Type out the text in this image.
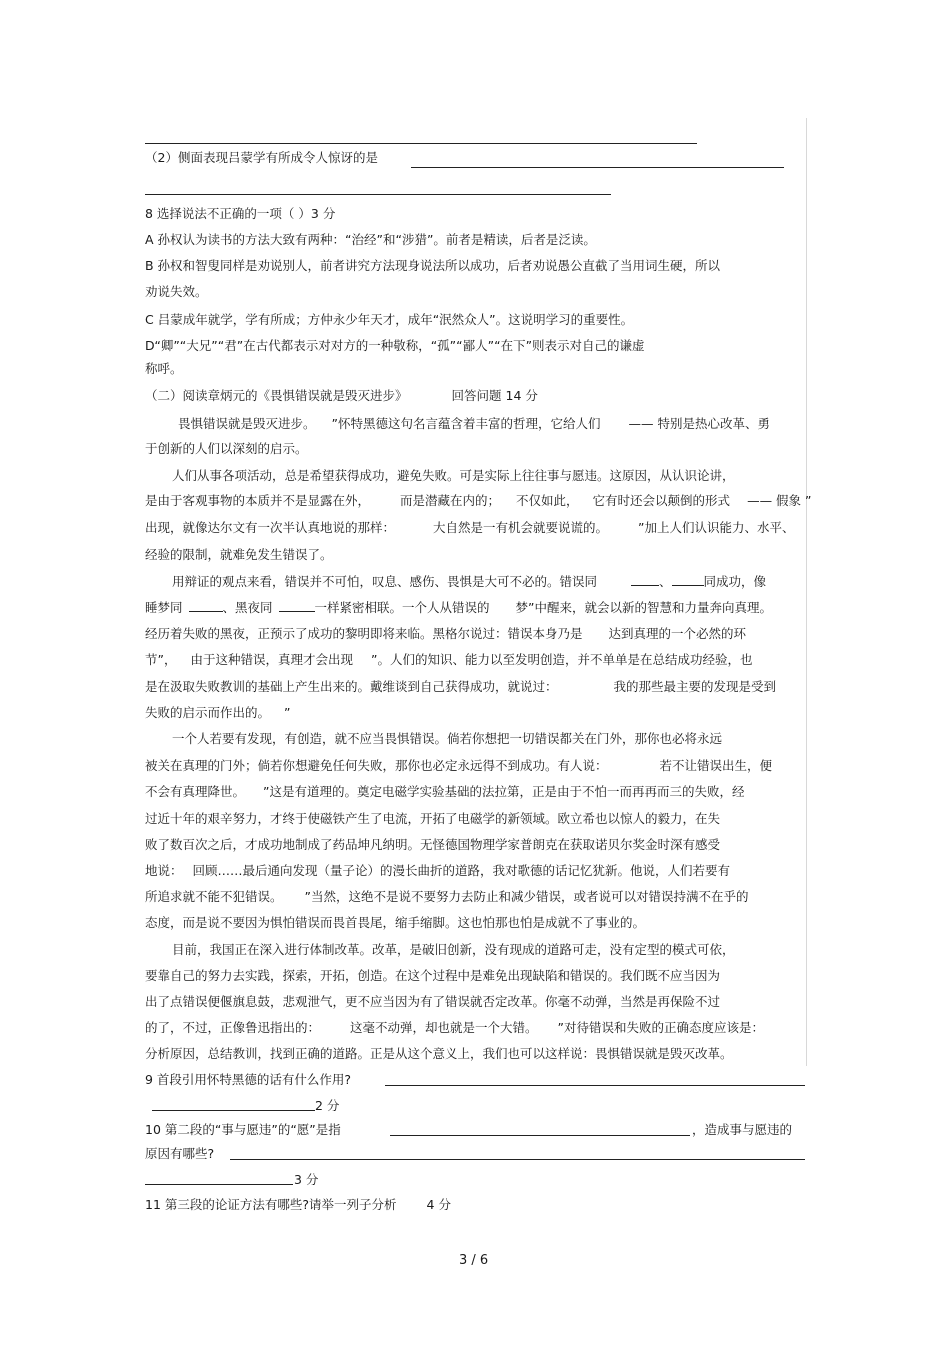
（2）侧面表现吕蒙学有所成令人惊讶的是
8 选择说法不正确的一项（ ）3 分
A 孙权认为读书的方法大致有两种：“治经”和“涉猎”。前者是精读，后者是泛读。
B 孙权和智叟同样是劝说别人，前者讲究方法现身说法所以成功，后者劝说愚公直截了当用词生硬，所以
劝说失效。
C 吕蒙成年就学，学有所成；方仲永少年天才，成年“泯然众人”。这说明学习的重要性。
D“卿”“大兄”“君”在古代都表示对对方的一种敬称，“孤”“鄙人”“在下”则表示对自己的谦虚
称呼。
（二）阅读章炳元的《畏惧错误就是毁灭进步》	回答问题 14 分
畏惧错误就是毁灭进步。 ”怀特黑德这句名言蕴含着丰富的哲理，它给人们 —— 特别是热心改革、勇
于创新的人们以深刻的启示。
人们从事各项活动，总是希望获得成功，避免失败。可是实际上往往事与愿违。这原因，从认识论讲，
是由于客观事物的本质并不是显露在外， 而是潜藏在内的； 不仅如此， 它有时还会以颠倒的形式 —— 假象 ”
出现，就像达尔文有一次半认真地说的那样：	大自然是一有机会就要说谎的。 ”加上人们认识能力、水平、
经验的限制，就难免发生错误了。
用辩证的观点来看，错误并不可怕，叹息、感伤、畏惧是大可不必的。错误同	、	同成功，像
睡梦同	、黑夜同	一样紧密相联。一个人从错误的 梦”中醒来，就会以新的智慧和力量奔向真理。
经历着失败的黑夜，正预示了成功的黎明即将来临。黑格尔说过：错误本身乃是 达到真理的一个必然的环
节”， 由于这种错误，真理才会出现 ”。人们的知识、能力以至发明创造，并不单单是在总结成功经验，也
是在汲取失败教训的基础上产生出来的。戴维谈到自己获得成功，就说过：	我的那些最主要的发现是受到
失败的启示而作出的。 ”
一个人若要有发现，有创造，就不应当畏惧错误。倘若你想把一切错误都关在门外，那你也必将永远
被关在真理的门外；倘若你想避免任何失败，那你也必定永远得不到成功。有人说：	若不让错误出生，便
不会有真理降世。 ”这是有道理的。奠定电磁学实验基础的法拉第，正是由于不怕一而再再而三的失败，经
过近十年的艰辛努力，才终于使磁铁产生了电流，开拓了电磁学的新领域。欧立希也以惊人的毅力，在失
败了数百次之后，才成功地制成了药品坤凡纳明。无怪德国物理学家普朗克在获取诺贝尔奖金时深有感受
地说： 回顾……最后通向发现（量子论）的漫长曲折的道路，我对歌德的话记忆犹新。他说，人们若要有
所追求就不能不犯错误。 ”当然，这绝不是说不要努力去防止和减少错误，或者说可以对错误持满不在乎的
态度，而是说不要因为惧怕错误而畏首畏尾，缩手缩脚。这也怕那也怕是成就不了事业的。
目前，我国正在深入进行体制改革。改革，是破旧创新，没有现成的道路可走，没有定型的模式可依，
要靠自己的努力去实践，探索，开拓，创造。在这个过程中是难免出现缺陷和错误的。我们既不应当因为
出了点错误便偃旗息鼓，悲观泄气，更不应当因为有了错误就否定改革。你毫不动弹，当然是再保险不过
的了，不过，正像鲁迅指出的： 这毫不动弹，却也就是一个大错。 ”对待错误和失败的正确态度应该是：
分析原因，总结教训，找到正确的道路。正是从这个意义上，我们也可以这样说：畏惧错误就是毁灭改革。
9 首段引用怀特黑德的话有什么作用?
2 分
10 第二段的“事与愿违”的“愿”是指	，造成事与愿违的
原因有哪些?
3 分
11 第三段的论证方法有哪些?请举一列子分析 4 分
3 / 6
